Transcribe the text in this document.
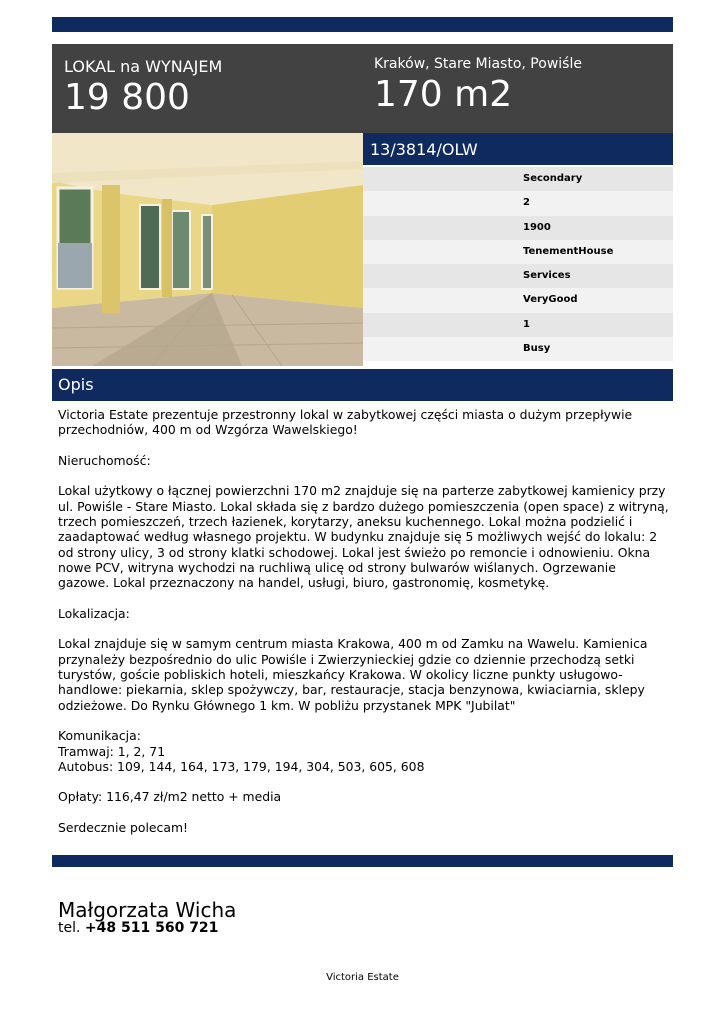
LOKAL na WYNAJEM
19 800
Kraków, Stare Miasto, Powiśle
170 m2
13/3814/OLW
Secondary
2
1900
TenementHouse
Services
VeryGood
1
Busy
Opis

Victoria Estate prezentuje przestronny lokal w zabytkowej części miasta o dużym przepływie przechodniów, 400 m od Wzgórza Wawelskiego!

Nieruchomość:

Lokal użytkowy o łącznej powierzchni 170 m2 znajduje się na parterze zabytkowej kamienicy przy ul. Powiśle - Stare Miasto. Lokal składa się z bardzo dużego pomieszczenia (open space) z witryną, trzech pomieszczeń, trzech łazienek, korytarzy, aneksu kuchennego. Lokal można podzielić i zaadaptować według własnego projektu. W budynku znajduje się 5 możliwych wejść do lokalu: 2 od strony ulicy, 3 od strony klatki schodowej. Lokal jest świeżo po remoncie i odnowieniu. Okna nowe PCV, witryna wychodzi na ruchliwą ulicę od strony bulwarów wiślanych. Ogrzewanie gazowe. Lokal przeznaczony na handel, usługi, biuro, gastronomię, kosmetykę.

Lokalizacja:

Lokal znajduje się w samym centrum miasta Krakowa, 400 m od Zamku na Wawelu. Kamienica przynależy bezpośrednio do ulic Powiśle i Zwierzynieckiej gdzie co dziennie przechodzą setki turystów, goście pobliskich hoteli, mieszkańcy Krakowa. W okolicy liczne punkty usługowo-handlowe: piekarnia, sklep spożywczy, bar, restauracje, stacja benzynowa, kwiaciarnia, sklepy odzieżowe. Do Rynku Głównego 1 km. W pobliżu przystanek MPK "Jubilat"

Komunikacja:
Tramwaj: 1, 2, 71
Autobus: 109, 144, 164, 173, 179, 194, 304, 503, 605, 608

Opłaty: 116,47 zł/m2 netto + media

Serdecznie polecam!

Małgorzata Wicha
tel. +48 511 560 721
Victoria Estate
